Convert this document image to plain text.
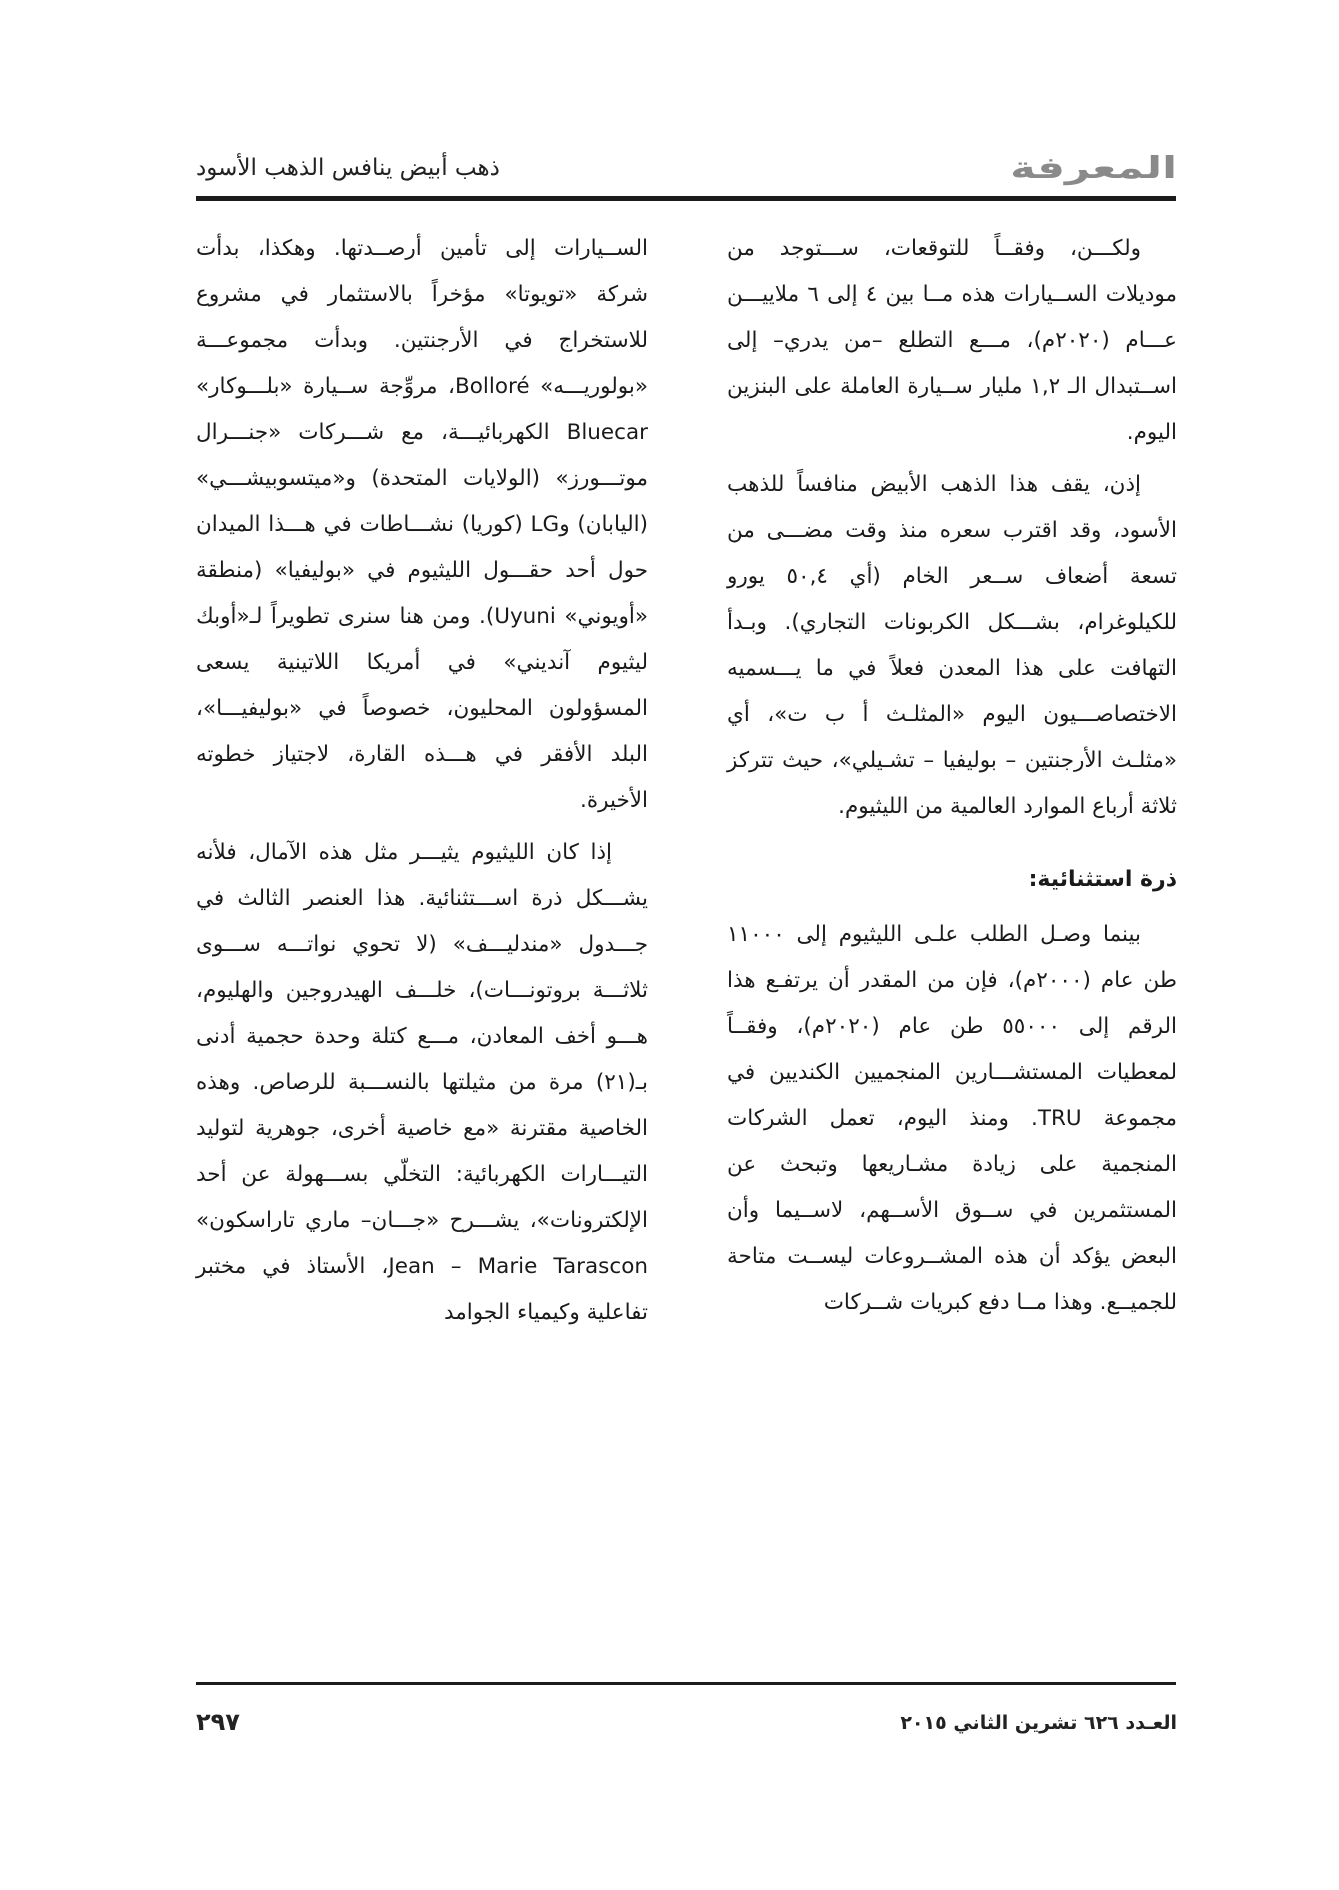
المعرفة
ذهب أبيض ينافس الذهب الأسود

ولكـــن، وفقــاً للتوقعات، ســـتوجد من موديلات الســيارات هذه مــا بين ٤ إلى ٦ ملاييـــن عـــام (٢٠٢٠م)، مـــع التطلع –من يدري– إلى اســتبدال الـ ١,٢ مليار ســيارة العاملة على البنزين اليوم.

إذن، يقف هذا الذهب الأبيض منافساً للذهب الأسود، وقد اقترب سعره منذ وقت مضـــى من تسعة أضعاف ســعر الخام (أي ٥٠,٤ يورو للكيلوغرام، بشـــكل الكربونات التجاري). وبـدأ التهافت على هذا المعدن فعلاً في ما يـــسميه الاختصاصـــيون اليوم «المثلـث أ ب ت»، أي «مثلـث الأرجنتين – بوليفيا – تشـيلي»، حيث تتركز ثلاثة أرباع الموارد العالمية من الليثيوم.

ذرة استثنائية:

بينما وصـل الطلب علـى الليثيوم إلى ١١٠٠٠ طن عام (٢٠٠٠م)، فإن من المقدر أن يرتفـع هذا الرقم إلى ٥٥٠٠٠ طن عام (٢٠٢٠م)، وفقــاً لمعطيات المستشـــارين المنجميين الكنديين في مجموعة TRU. ومنذ اليوم، تعمل الشركات المنجمية على زيادة مشـاريعها وتبحث عن المستثمرين في ســوق الأســهم، لاســيما وأن البعض يؤكد أن هذه المشــروعات ليســت متاحة للجميــع. وهذا مــا دفع كبريات شــركات

الســيارات إلى تأمين أرصــدتها. وهكذا، بدأت شركة «تويوتا» مؤخراً بالاستثمار في مشروع للاستخراج في الأرجنتين. وبدأت مجموعـــة «بولوريـــه» Bolloré، مروِّجة ســيارة «بلـــوكار» Bluecar الكهربائيـــة، مع شـــركات «جنـــرال موتـــورز» (الولايات المتحدة) و«ميتسوبيشـــي» (اليابان) وLG (كوريا) نشـــاطات في هـــذا الميدان حول أحد حقـــول الليثيوم في «بوليفيا» (منطقة «أويوني» Uyuni). ومن هنا سنرى تطويراً لـ«أوبك ليثيوم آنديني» في أمريكا اللاتينية يسعى المسؤولون المحليون، خصوصاً في «بوليفيـــا»، البلد الأفقر في هـــذه القارة، لاجتياز خطوته الأخيرة.

إذا كان الليثيوم يثيـــر مثل هذه الآمال، فلأنه يشـــكل ذرة اســـتثنائية. هذا العنصر الثالث في جـــدول «مندليـــف» (لا تحوي نواتـــه ســـوى ثلاثـــة بروتونـــات)، خلـــف الهيدروجين والهليوم، هـــو أخف المعادن، مـــع كتلة وحدة حجمية أدنى بـ(٢١) مرة من مثيلتها بالنســـبة للرصاص. وهذه الخاصية مقترنة «مع خاصية أخرى، جوهرية لتوليد التيـــارات الكهربائية: التخلّي بســـهولة عن أحد الإلكترونات»، يشـــرح «جـــان– ماري تاراسكون» Jean – Marie Tarascon، الأستاذ في مختبر تفاعلية وكيمياء الجوامد

العـدد ٦٢٦ تشرين الثاني ٢٠١٥
٢٩٧
